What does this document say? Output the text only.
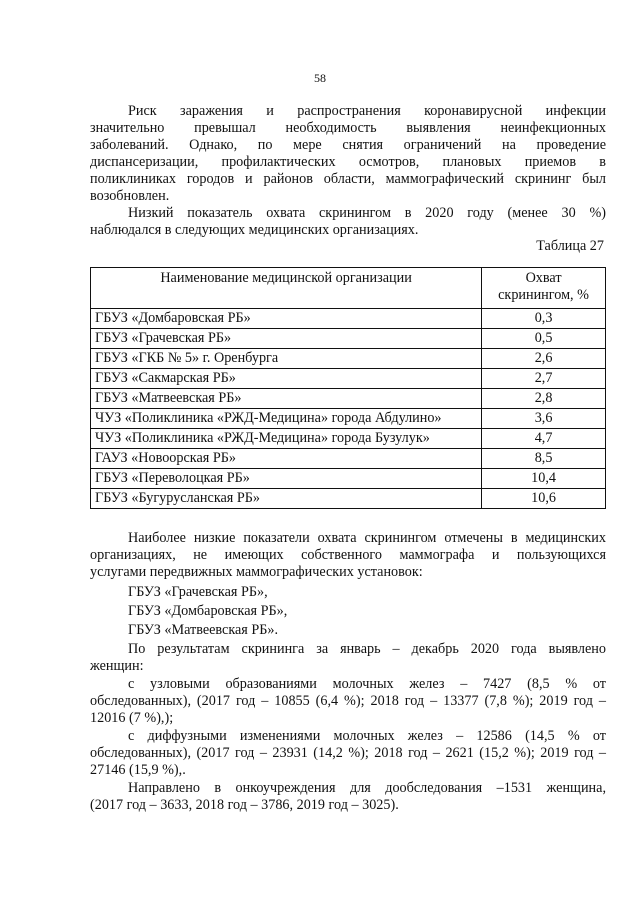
58

Риск заражения и распространения коронавирусной инфекции

значительно превышал необходимость выявления неинфекционных

заболеваний. Однако, по мере снятия ограничений на проведение

диспансеризации, профилактических осмотров, плановых приемов в

поликлиниках городов и районов области, маммографический скрининг был

возобновлен.

Низкий показатель охвата скринингом в 2020 году (менее 30 %)

наблюдался в следующих медицинских организациях.

Таблица 27

Наименование медицинской организации	Охват
скринингом, %
ГБУЗ «Домбаровская РБ»	0,3
ГБУЗ «Грачевская РБ»	0,5
ГБУЗ «ГКБ № 5» г. Оренбурга	2,6
ГБУЗ «Сакмарская РБ»	2,7
ГБУЗ «Матвеевская РБ»	2,8
ЧУЗ «Поликлиника «РЖД-Медицина» города Абдулино»	3,6
ЧУЗ «Поликлиника «РЖД-Медицина» города Бузулук»	4,7
ГАУЗ «Новоорская РБ»	8,5
ГБУЗ «Переволоцкая РБ»	10,4
ГБУЗ «Бугурусланская РБ»	10,6

Наиболее низкие показатели охвата скринингом отмечены в медицинских

организациях, не имеющих собственного маммографа и пользующихся

услугами передвижных маммографических установок:

ГБУЗ «Грачевская РБ»,

ГБУЗ «Домбаровская РБ»,

ГБУЗ «Матвеевская РБ».

По результатам скрининга за январь – декабрь 2020 года выявлено

женщин:

с узловыми образованиями молочных желез – 7427 (8,5 % от

обследованных), (2017 год – 10855 (6,4 %); 2018 год – 13377 (7,8 %); 2019 год –

12016 (7 %),);

с диффузными изменениями молочных желез – 12586 (14,5 % от

обследованных), (2017 год – 23931 (14,2 %); 2018 год – 2621 (15,2 %); 2019 год –

27146 (15,9 %),.

Направлено в онкоучреждения для дообследования –1531 женщина,

(2017 год – 3633, 2018 год – 3786, 2019 год – 3025).
